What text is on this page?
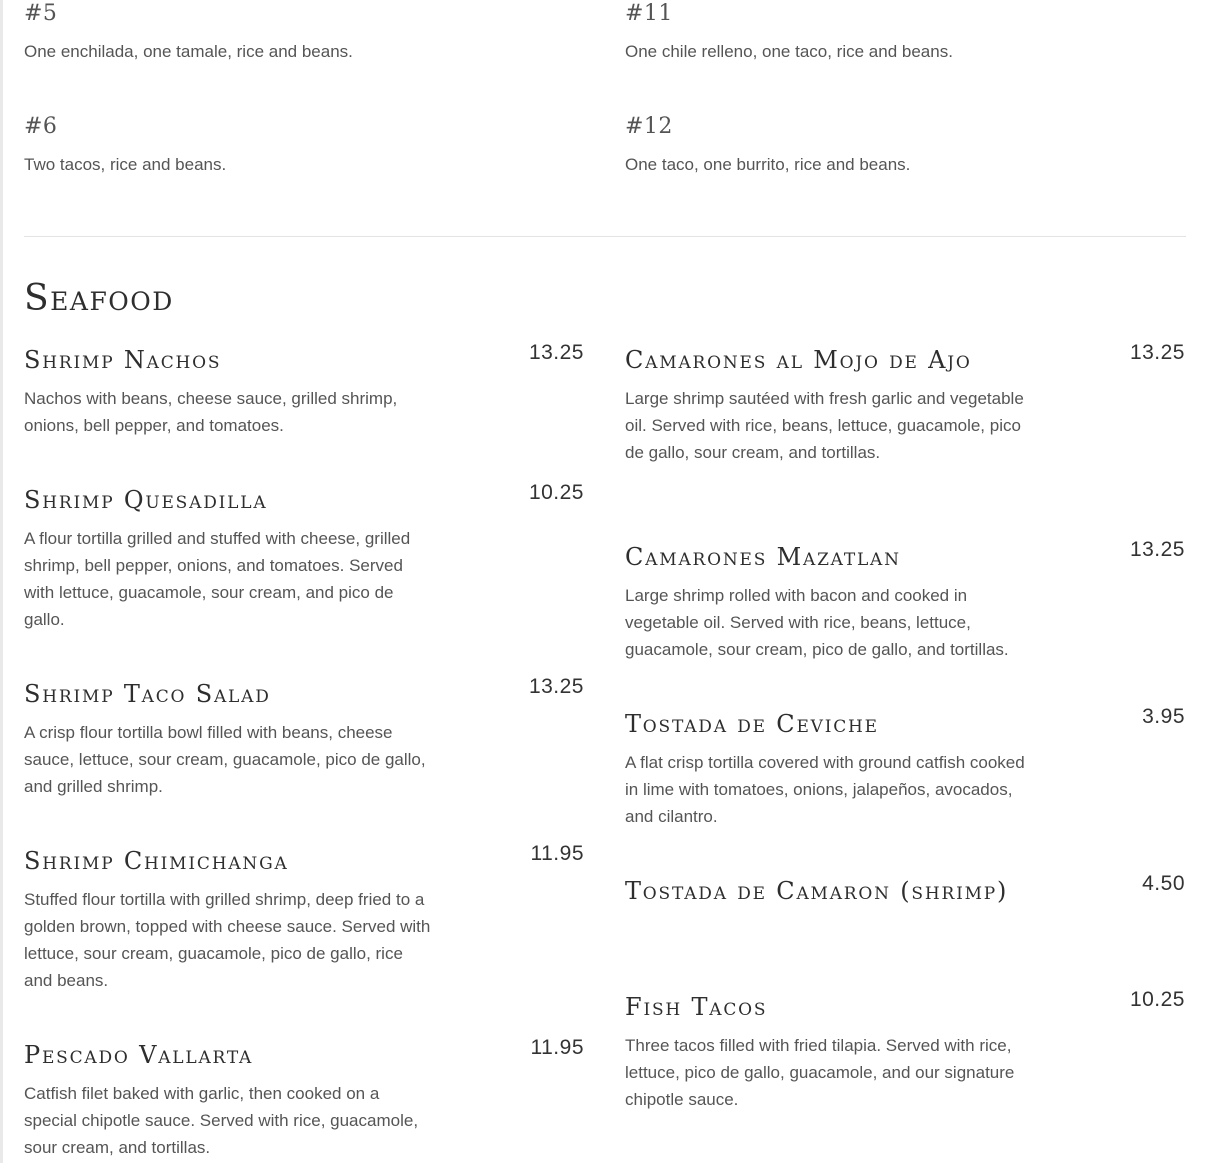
#5
One enchilada, one tamale, rice and beans.
#11
One chile relleno, one taco, rice and beans.
#6
Two tacos, rice and beans.
#12
One taco, one burrito, rice and beans.
Seafood
Shrimp Nachos	13.25
Nachos with beans, cheese sauce, grilled shrimp, onions, bell pepper, and tomatoes.
Shrimp Quesadilla	10.25
A flour tortilla grilled and stuffed with cheese, grilled shrimp, bell pepper, onions, and tomatoes. Served with lettuce, guacamole, sour cream, and pico de gallo.
Shrimp Taco Salad	13.25
A crisp flour tortilla bowl filled with beans, cheese sauce, lettuce, sour cream, guacamole, pico de gallo, and grilled shrimp.
Shrimp Chimichanga	11.95
Stuffed flour tortilla with grilled shrimp, deep fried to a golden brown, topped with cheese sauce. Served with lettuce, sour cream, guacamole, pico de gallo, rice and beans.
Pescado Vallarta	11.95
Catfish filet baked with garlic, then cooked on a special chipotle sauce. Served with rice, guacamole, sour cream, and tortillas.
Camarones al Mojo de Ajo	13.25
Large shrimp sautéed with fresh garlic and vegetable oil. Served with rice, beans, lettuce, guacamole, pico de gallo, sour cream, and tortillas.
Camarones Mazatlan	13.25
Large shrimp rolled with bacon and cooked in vegetable oil. Served with rice, beans, lettuce, guacamole, sour cream, pico de gallo, and tortillas.
Tostada de Ceviche	3.95
A flat crisp tortilla covered with ground catfish cooked in lime with tomatoes, onions, jalapeños, avocados, and cilantro.
Tostada de Camaron (shrimp)	4.50
Fish Tacos	10.25
Three tacos filled with fried tilapia. Served with rice, lettuce, pico de gallo, guacamole, and our signature chipotle sauce.
